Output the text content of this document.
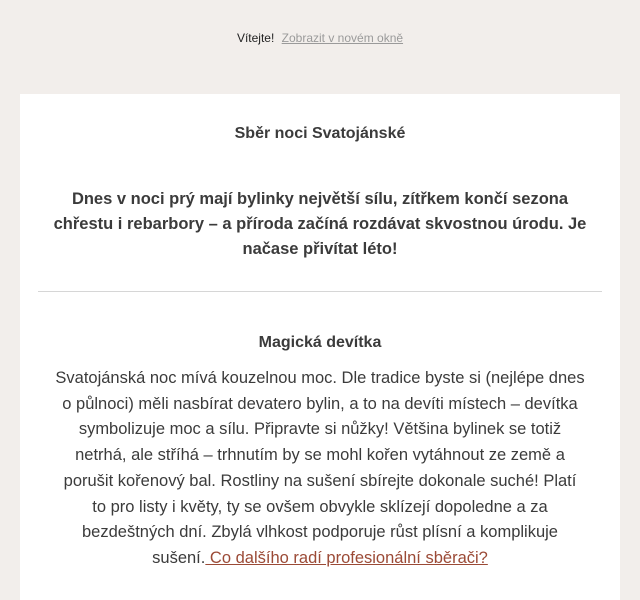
Vítejte! Zobrazit v novém okně
Sběr noci Svatojánské
Dnes v noci prý mají bylinky největší sílu, zítřkem končí sezona chřestu i rebarbory – a příroda začíná rozdávat skvostnou úrodu. Je načase přivítat léto!
Magická devítka
Svatojánská noc mívá kouzelnou moc. Dle tradice byste si (nejlépe dnes o půlnoci) měli nasbírat devatero bylin, a to na devíti místech – devítka symbolizuje moc a sílu. Připravte si nůžky! Většina bylinek se totiž netrhá, ale stříhá – trhnutím by se mohl kořen vytáhnout ze země a porušit kořenový bal. Rostliny na sušení sbírejte dokonale suché! Platí to pro listy i květy, ty se ovšem obvykle sklízejí dopoledne a za bezdeštných dní. Zbylá vlhkost podporuje růst plísní a komplikuje sušení. Co dalšího radí profesionální sběrači?
